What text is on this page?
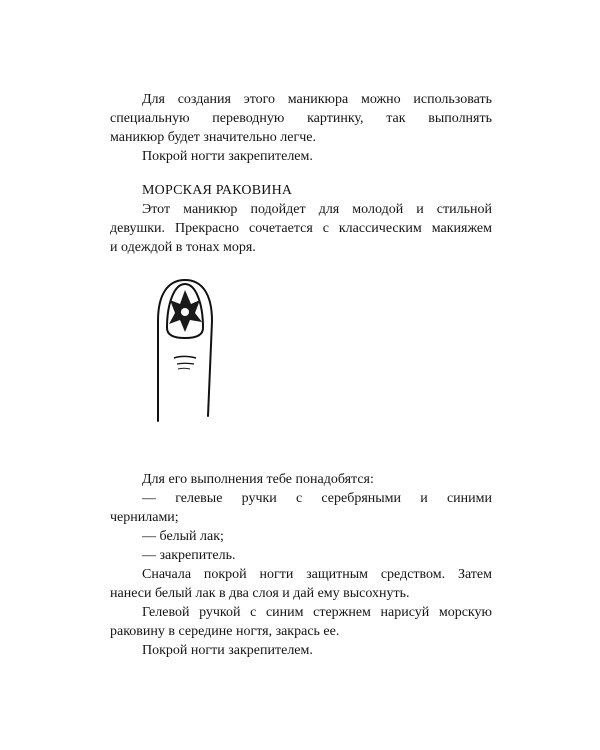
Для создания этого маникюра можно использовать
специальную переводную картинку, так выполнять
маникюр будет значительно легче.
Покрой ногти закрепителем.
МОРСКАЯ РАКОВИНА
Этот маникюр подойдет для молодой и стильной
девушки. Прекрасно сочетается с классическим макияжем
и одеждой в тонах моря.
Для его выполнения тебе понадобятся:
— гелевые ручки с серебряными и синими
чернилами;
— белый лак;
— закрепитель.
Сначала покрой ногти защитным средством. Затем
нанеси белый лак в два слоя и дай ему высохнуть.
Гелевой ручкой с синим стержнем нарисуй морскую
раковину в середине ногтя, закрась ее.
Покрой ногти закрепителем.
